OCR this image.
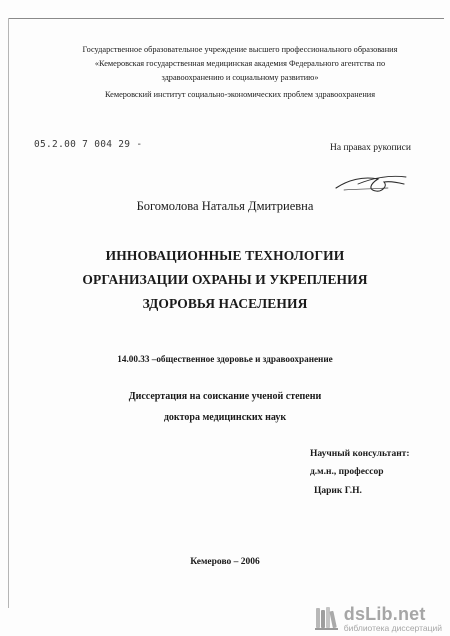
Государственное образовательное учреждение высшего профессионального образования
«Кемеровская государственная медицинская академия Федерального агентства по
здравоохранению и социальному развитию»
Кемеровский институт социально-экономических проблем здравоохранения
05.2.00 7 004 29 -	На правах рукописи
Богомолова Наталья Дмитриевна
ИННОВАЦИОННЫЕ ТЕХНОЛОГИИ
ОРГАНИЗАЦИИ ОХРАНЫ И УКРЕПЛЕНИЯ
ЗДОРОВЬЯ НАСЕЛЕНИЯ
14.00.33 –общественное здоровье и здравоохранение
Диссертация на соискание ученой степени
доктора медицинских наук
Научный консультант:
д.м.н., профессор
Царик Г.Н.
Кемерово – 2006
dsLib.net
библиотека диссертаций
